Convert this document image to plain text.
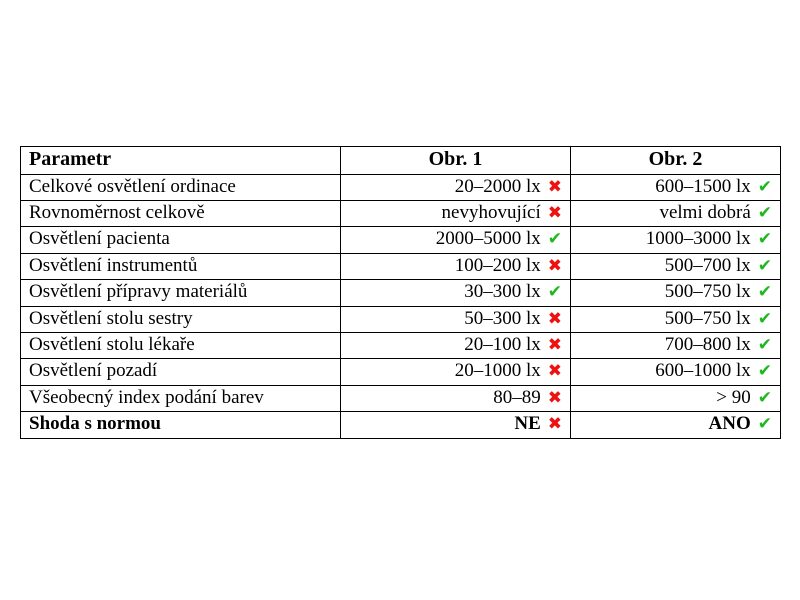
Parametr	Obr. 1	Obr. 2
Celkové osvětlení ordinace	20–2000 lx ✖	600–1500 lx ✔
Rovnoměrnost celkově	nevyhovující ✖	velmi dobrá ✔
Osvětlení pacienta	2000–5000 lx ✔	1000–3000 lx ✔
Osvětlení instrumentů	100–200 lx ✖	500–700 lx ✔
Osvětlení přípravy materiálů	30–300 lx ✔	500–750 lx ✔
Osvětlení stolu sestry	50–300 lx ✖	500–750 lx ✔
Osvětlení stolu lékaře	20–100 lx ✖	700–800 lx ✔
Osvětlení pozadí	20–1000 lx ✖	600–1000 lx ✔
Všeobecný index podání barev	80–89 ✖	> 90 ✔
Shoda s normou	NE ✖	ANO ✔
